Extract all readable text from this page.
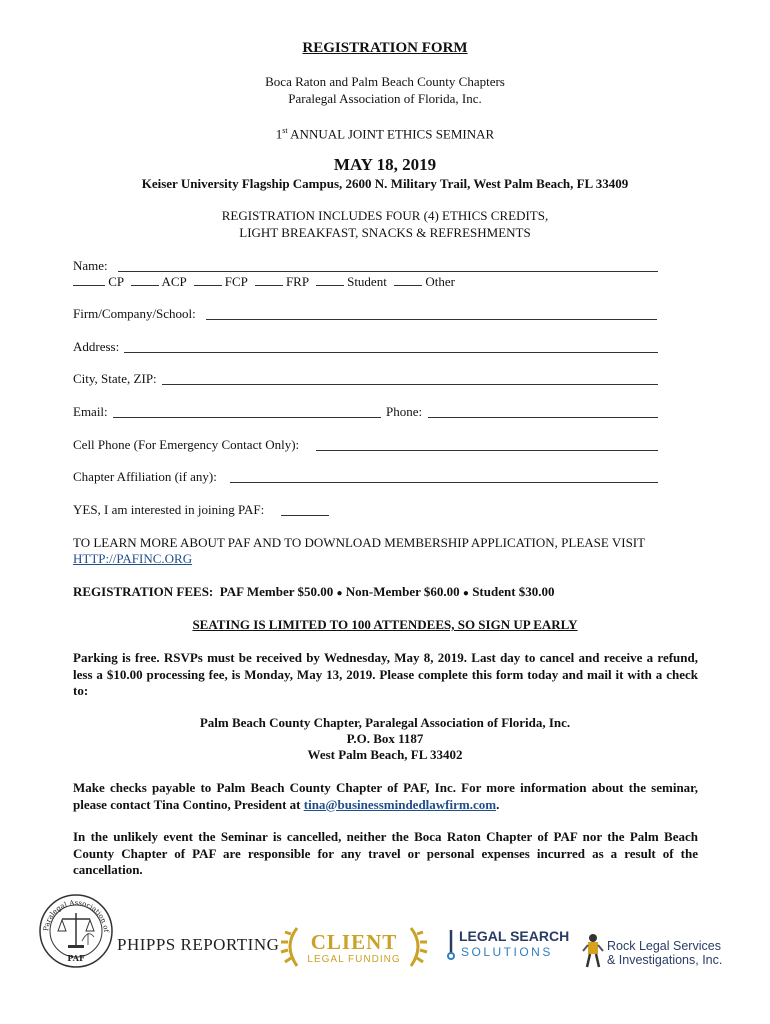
REGISTRATION FORM
Boca Raton and Palm Beach County Chapters
Paralegal Association of Florida, Inc.
1st ANNUAL JOINT ETHICS SEMINAR
MAY 18, 2019
Keiser University Flagship Campus, 2600 N. Military Trail, West Palm Beach, FL 33409
REGISTRATION INCLUDES FOUR (4) ETHICS CREDITS,
LIGHT BREAKFAST, SNACKS & REFRESHMENTS
Name:
CP	ACP	FCP	FRP	Student	Other
Firm/Company/School:
Address:
City, State, ZIP:
Email:	Phone:
Cell Phone (For Emergency Contact Only):
Chapter Affiliation (if any):
YES, I am interested in joining PAF:
TO LEARN MORE ABOUT PAF AND TO DOWNLOAD MEMBERSHIP APPLICATION, PLEASE VISIT
HTTP://PAFINC.ORG
REGISTRATION FEES: PAF Member $50.00 ● Non-Member $60.00 ● Student $30.00
SEATING IS LIMITED TO 100 ATTENDEES, SO SIGN UP EARLY
Parking is free. RSVPs must be received by Wednesday, May 8, 2019. Last day to cancel and receive a refund, less a $10.00 processing fee, is Monday, May 13, 2019. Please complete this form today and mail it with a check to:
Palm Beach County Chapter, Paralegal Association of Florida, Inc.
P.O. Box 1187
West Palm Beach, FL 33402
Make checks payable to Palm Beach County Chapter of PAF, Inc. For more information about the seminar, please contact Tina Contino, President at tina@businessmindedlawfirm.com.
In the unlikely event the Seminar is cancelled, neither the Boca Raton Chapter of PAF nor the Palm Beach County Chapter of PAF are responsible for any travel or personal expenses incurred as a result of the cancellation.
Paralegal Association of
PAF
PHIPPS REPORTING	CLIENT
LEGAL FUNDING
LEGAL SEARCH
SOLUTIONS	Rock Legal Services
& Investigations, Inc.
